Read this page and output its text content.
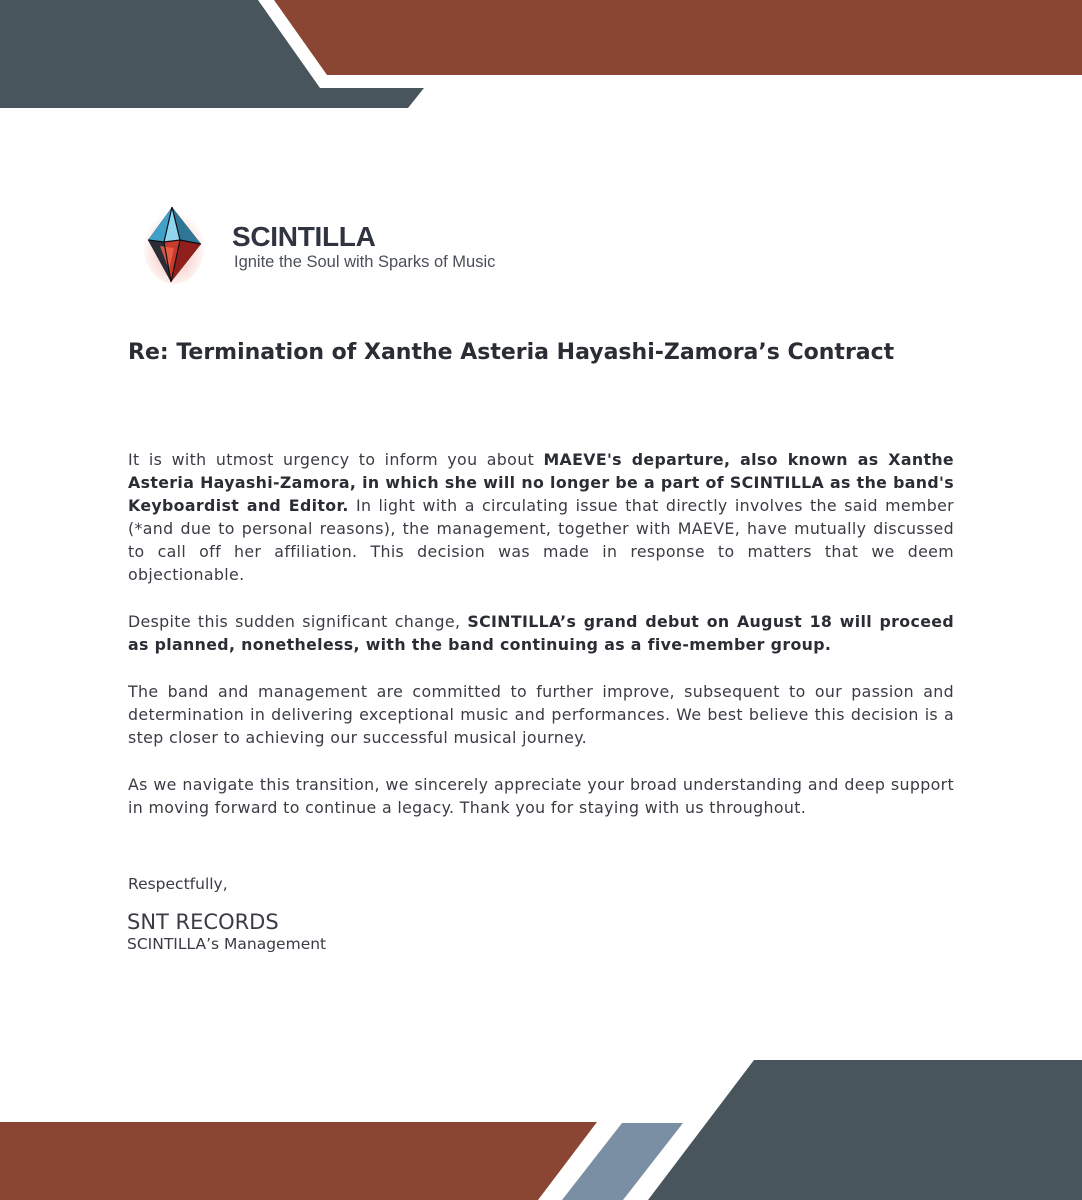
SCINTILLA

Ignite the Soul with Sparks of Music

Re: Termination of Xanthe Asteria Hayashi-Zamora’s Contract

It is with utmost urgency to inform you about MAEVE's departure, also known as Xanthe Asteria Hayashi-Zamora, in which she will no longer be a part of SCINTILLA as the band's Keyboardist and Editor. In light with a circulating issue that directly involves the said member (*and due to personal reasons), the management, together with MAEVE, have mutually discussed to call off her affiliation. This decision was made in response to matters that we deem objectionable.

Despite this sudden significant change, SCINTILLA’s grand debut on August 18 will proceed as planned, nonetheless, with the band continuing as a five-member group.

The band and management are committed to further improve, subsequent to our passion and determination in delivering exceptional music and performances. We best believe this decision is a step closer to achieving our successful musical journey.

As we navigate this transition, we sincerely appreciate your broad understanding and deep support in moving forward to continue a legacy. Thank you for staying with us throughout.

Respectfully,

SNT RECORDS

SCINTILLA’s Management
